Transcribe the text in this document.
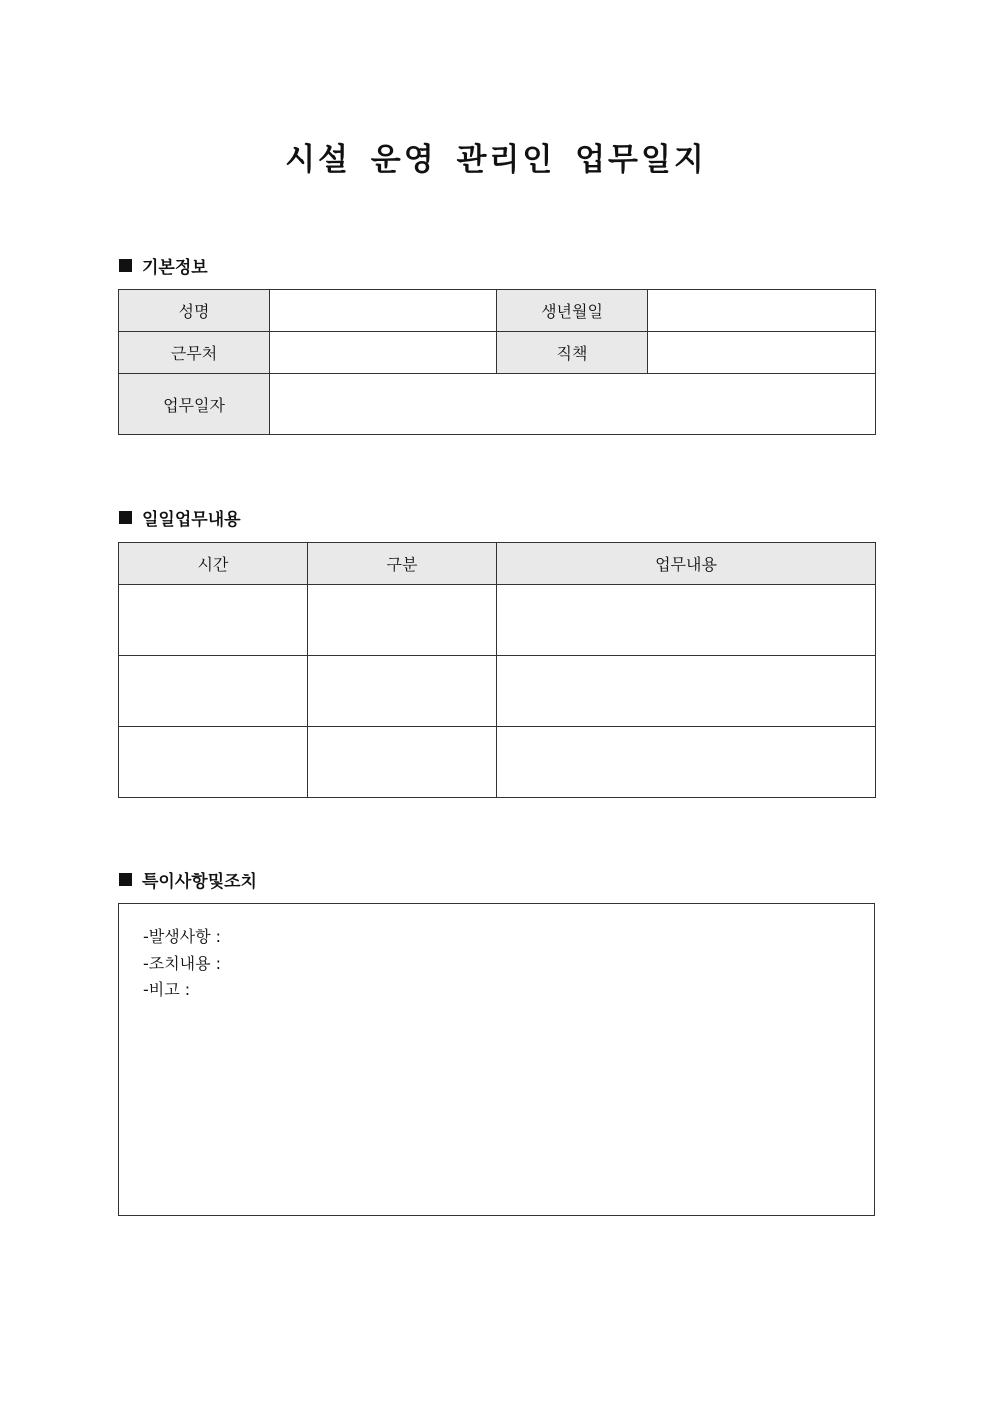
시설 운영 관리인 업무일지
기본정보
성명		생년월일	
근무처		직책	
업무일자			
일일업무내용
시간	구분	업무내용

특이사항및조치
-발생사항 :
-조치내용 :
-비고 :
